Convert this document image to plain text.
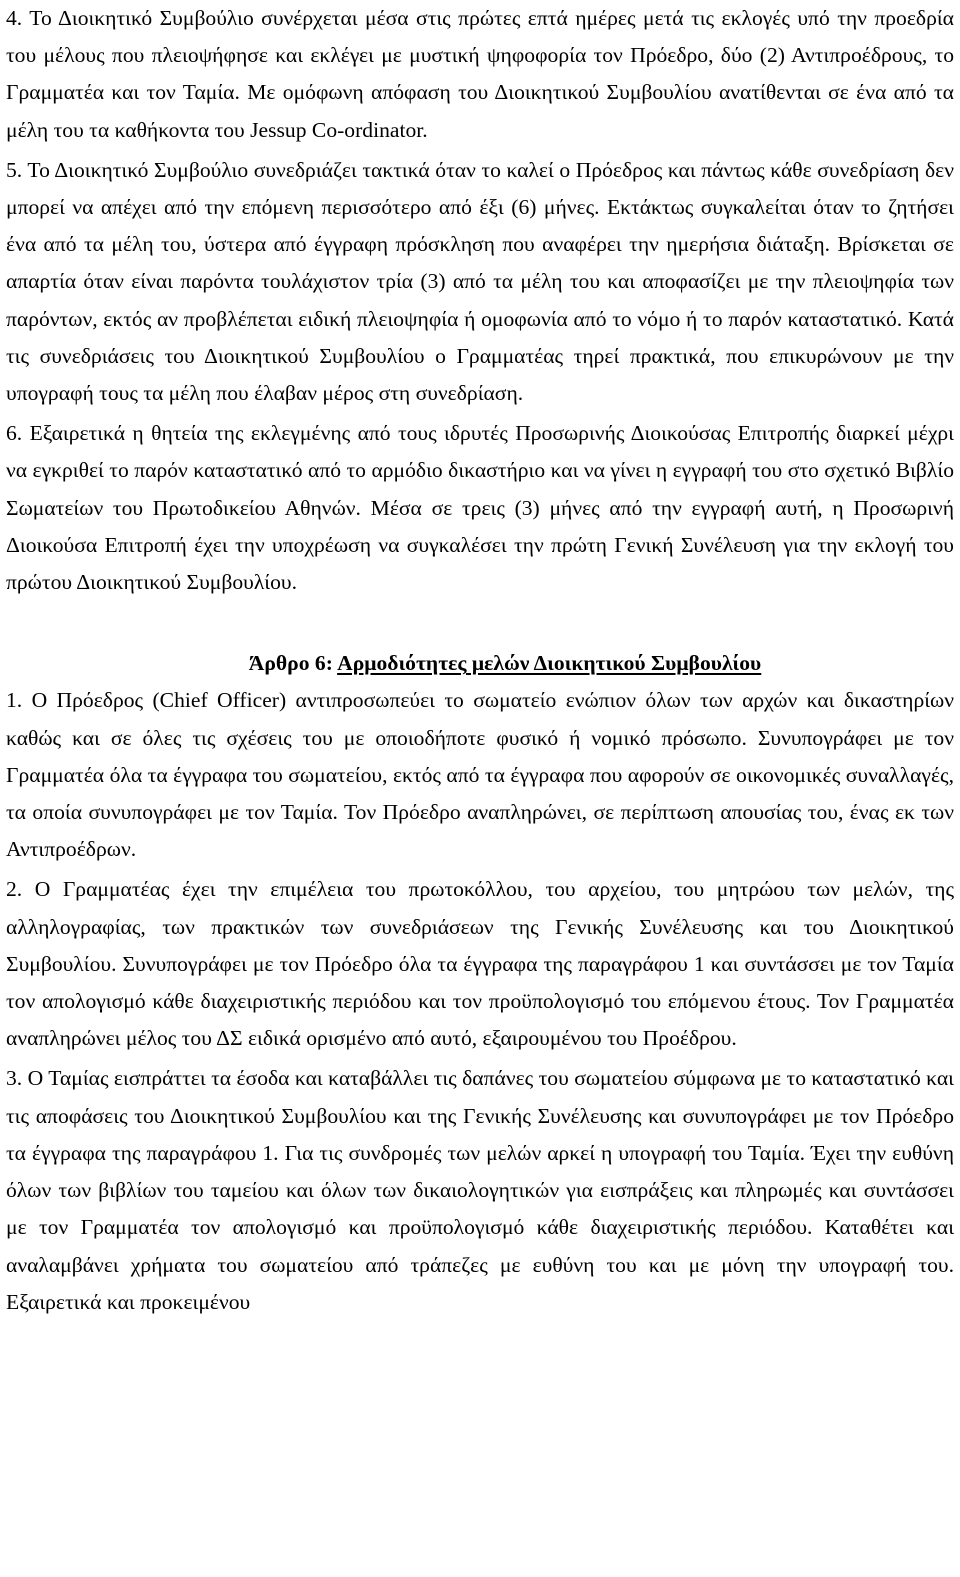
4. Το Διοικητικό Συμβούλιο συνέρχεται μέσα στις πρώτες επτά ημέρες μετά τις εκλογές υπό την προεδρία του μέλους που πλειοψήφησε και εκλέγει με μυστική ψηφοφορία τον Πρόεδρο, δύο (2) Αντιπροέδρους, το Γραμματέα και τον Ταμία. Με ομόφωνη απόφαση του Διοικητικού Συμβουλίου ανατίθενται σε ένα από τα μέλη του τα καθήκοντα του Jessup Co-ordinator.

5. Το Διοικητικό Συμβούλιο συνεδριάζει τακτικά όταν το καλεί ο Πρόεδρος και πάντως κάθε συνεδρίαση δεν μπορεί να απέχει από την επόμενη περισσότερο από έξι (6) μήνες. Εκτάκτως συγκαλείται όταν το ζητήσει ένα από τα μέλη του, ύστερα από έγγραφη πρόσκληση που αναφέρει την ημερήσια διάταξη. Βρίσκεται σε απαρτία όταν είναι παρόντα τουλάχιστον τρία (3) από τα μέλη του και αποφασίζει με την πλειοψηφία των παρόντων, εκτός αν προβλέπεται ειδική πλειοψηφία ή ομοφωνία από το νόμο ή το παρόν καταστατικό. Κατά τις συνεδριάσεις του Διοικητικού Συμβουλίου ο Γραμματέας τηρεί πρακτικά, που επικυρώνουν με την υπογραφή τους τα μέλη που έλαβαν μέρος στη συνεδρίαση.

6. Εξαιρετικά η θητεία της εκλεγμένης από τους ιδρυτές Προσωρινής Διοικούσας Επιτροπής διαρκεί μέχρι να εγκριθεί το παρόν καταστατικό από το αρμόδιο δικαστήριο και να γίνει η εγγραφή του στο σχετικό Βιβλίο Σωματείων του Πρωτοδικείου Αθηνών. Μέσα σε τρεις (3) μήνες από την εγγραφή αυτή, η Προσωρινή Διοικούσα Επιτροπή έχει την υποχρέωση να συγκαλέσει την πρώτη Γενική Συνέλευση για την εκλογή του πρώτου Διοικητικού Συμβουλίου.

Άρθρο 6: Αρμοδιότητες μελών Διοικητικού Συμβουλίου

1. Ο Πρόεδρος (Chief Officer) αντιπροσωπεύει το σωματείο ενώπιον όλων των αρχών και δικαστηρίων καθώς και σε όλες τις σχέσεις του με οποιοδήποτε φυσικό ή νομικό πρόσωπο. Συνυπογράφει με τον Γραμματέα όλα τα έγγραφα του σωματείου, εκτός από τα έγγραφα που αφορούν σε οικονομικές συναλλαγές, τα οποία συνυπογράφει με τον Ταμία. Τον Πρόεδρο αναπληρώνει, σε περίπτωση απουσίας του, ένας εκ των Αντιπροέδρων.

2. Ο Γραμματέας έχει την επιμέλεια του πρωτοκόλλου, του αρχείου, του μητρώου των μελών, της αλληλογραφίας, των πρακτικών των συνεδριάσεων της Γενικής Συνέλευσης και του Διοικητικού Συμβουλίου. Συνυπογράφει με τον Πρόεδρο όλα τα έγγραφα της παραγράφου 1 και συντάσσει με τον Ταμία τον απολογισμό κάθε διαχειριστικής περιόδου και τον προϋπολογισμό του επόμενου έτους. Τον Γραμματέα αναπληρώνει μέλος του ΔΣ ειδικά ορισμένο από αυτό, εξαιρουμένου του Προέδρου.

3. Ο Ταμίας εισπράττει τα έσοδα και καταβάλλει τις δαπάνες του σωματείου σύμφωνα με το καταστατικό και τις αποφάσεις του Διοικητικού Συμβουλίου και της Γενικής Συνέλευσης και συνυπογράφει με τον Πρόεδρο τα έγγραφα της παραγράφου 1. Για τις συνδρομές των μελών αρκεί η υπογραφή του Ταμία. Έχει την ευθύνη όλων των βιβλίων του ταμείου και όλων των δικαιολογητικών για εισπράξεις και πληρωμές και συντάσσει με τον Γραμματέα τον απολογισμό και προϋπολογισμό κάθε διαχειριστικής περιόδου. Καταθέτει και αναλαμβάνει χρήματα του σωματείου από τράπεζες με ευθύνη του και με μόνη την υπογραφή του. Εξαιρετικά και προκειμένου
